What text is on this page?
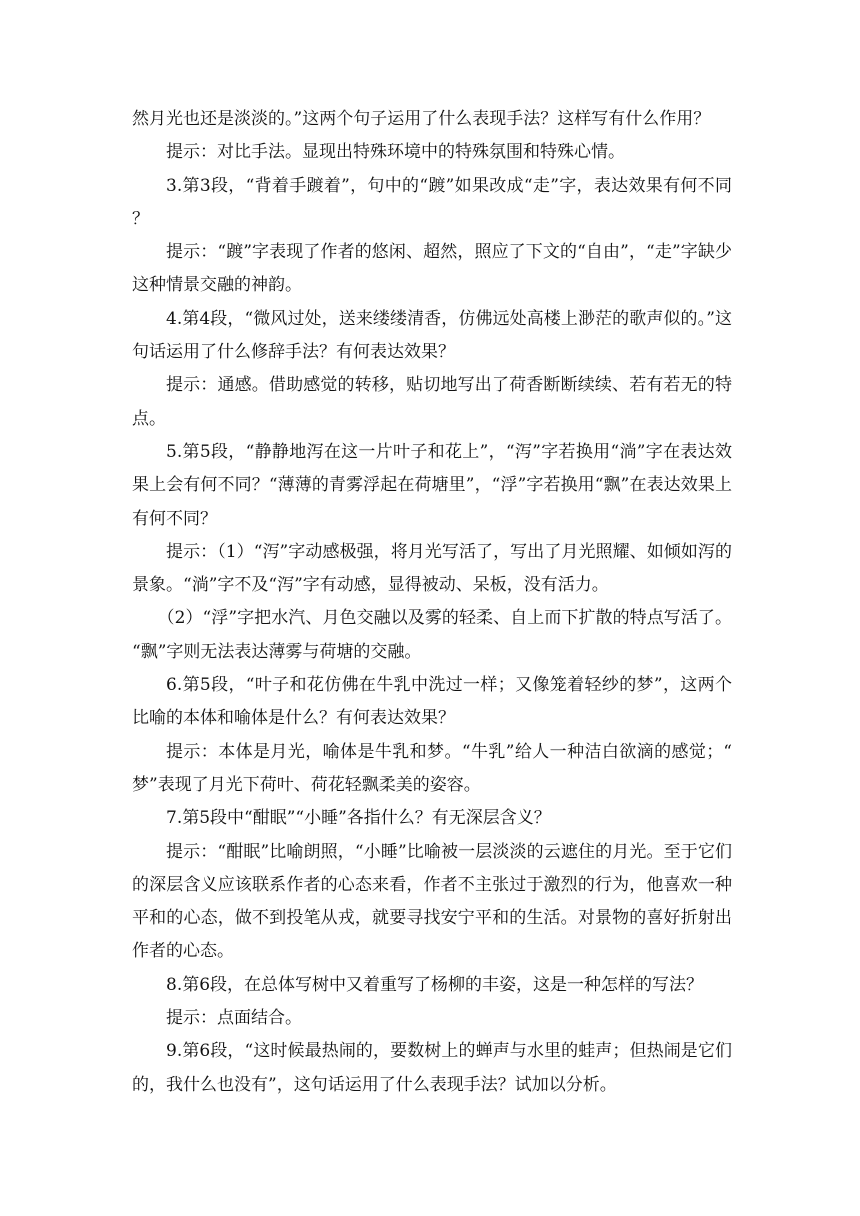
然月光也还是淡淡的。”这两个句子运用了什么表现手法？这样写有什么作用？

提示：对比手法。显现出特殊环境中的特殊氛围和特殊心情。

3.第3段，“背着手踱着”，句中的“踱”如果改成“走”字，表达效果有何不同？

提示：“踱”字表现了作者的悠闲、超然，照应了下文的“自由”，“走”字缺少这种情景交融的神韵。

4.第4段，“微风过处，送来缕缕清香，仿佛远处高楼上渺茫的歌声似的。”这句话运用了什么修辞手法？有何表达效果？

提示：通感。借助感觉的转移，贴切地写出了荷香断断续续、若有若无的特点。

5.第5段，“静静地泻在这一片叶子和花上”，“泻”字若换用“淌”字在表达效果上会有何不同？“薄薄的青雾浮起在荷塘里”，“浮”字若换用“飘”在表达效果上有何不同？

提示：（1）“泻”字动感极强，将月光写活了，写出了月光照耀、如倾如泻的景象。“淌”字不及“泻”字有动感，显得被动、呆板，没有活力。

（2）“浮”字把水汽、月色交融以及雾的轻柔、自上而下扩散的特点写活了。“飘”字则无法表达薄雾与荷塘的交融。

6.第5段，“叶子和花仿佛在牛乳中洗过一样；又像笼着轻纱的梦”，这两个比喻的本体和喻体是什么？有何表达效果？

提示：本体是月光，喻体是牛乳和梦。“牛乳”给人一种洁白欲滴的感觉；“梦”表现了月光下荷叶、荷花轻飘柔美的姿容。

7.第5段中“酣眠”“小睡”各指什么？有无深层含义？

提示：“酣眠”比喻朗照，“小睡”比喻被一层淡淡的云遮住的月光。至于它们的深层含义应该联系作者的心态来看，作者不主张过于激烈的行为，他喜欢一种平和的心态，做不到投笔从戎，就要寻找安宁平和的生活。对景物的喜好折射出作者的心态。

8.第6段，在总体写树中又着重写了杨柳的丰姿，这是一种怎样的写法？

提示：点面结合。

9.第6段，“这时候最热闹的，要数树上的蝉声与水里的蛙声；但热闹是它们的，我什么也没有”，这句话运用了什么表现手法？试加以分析。
